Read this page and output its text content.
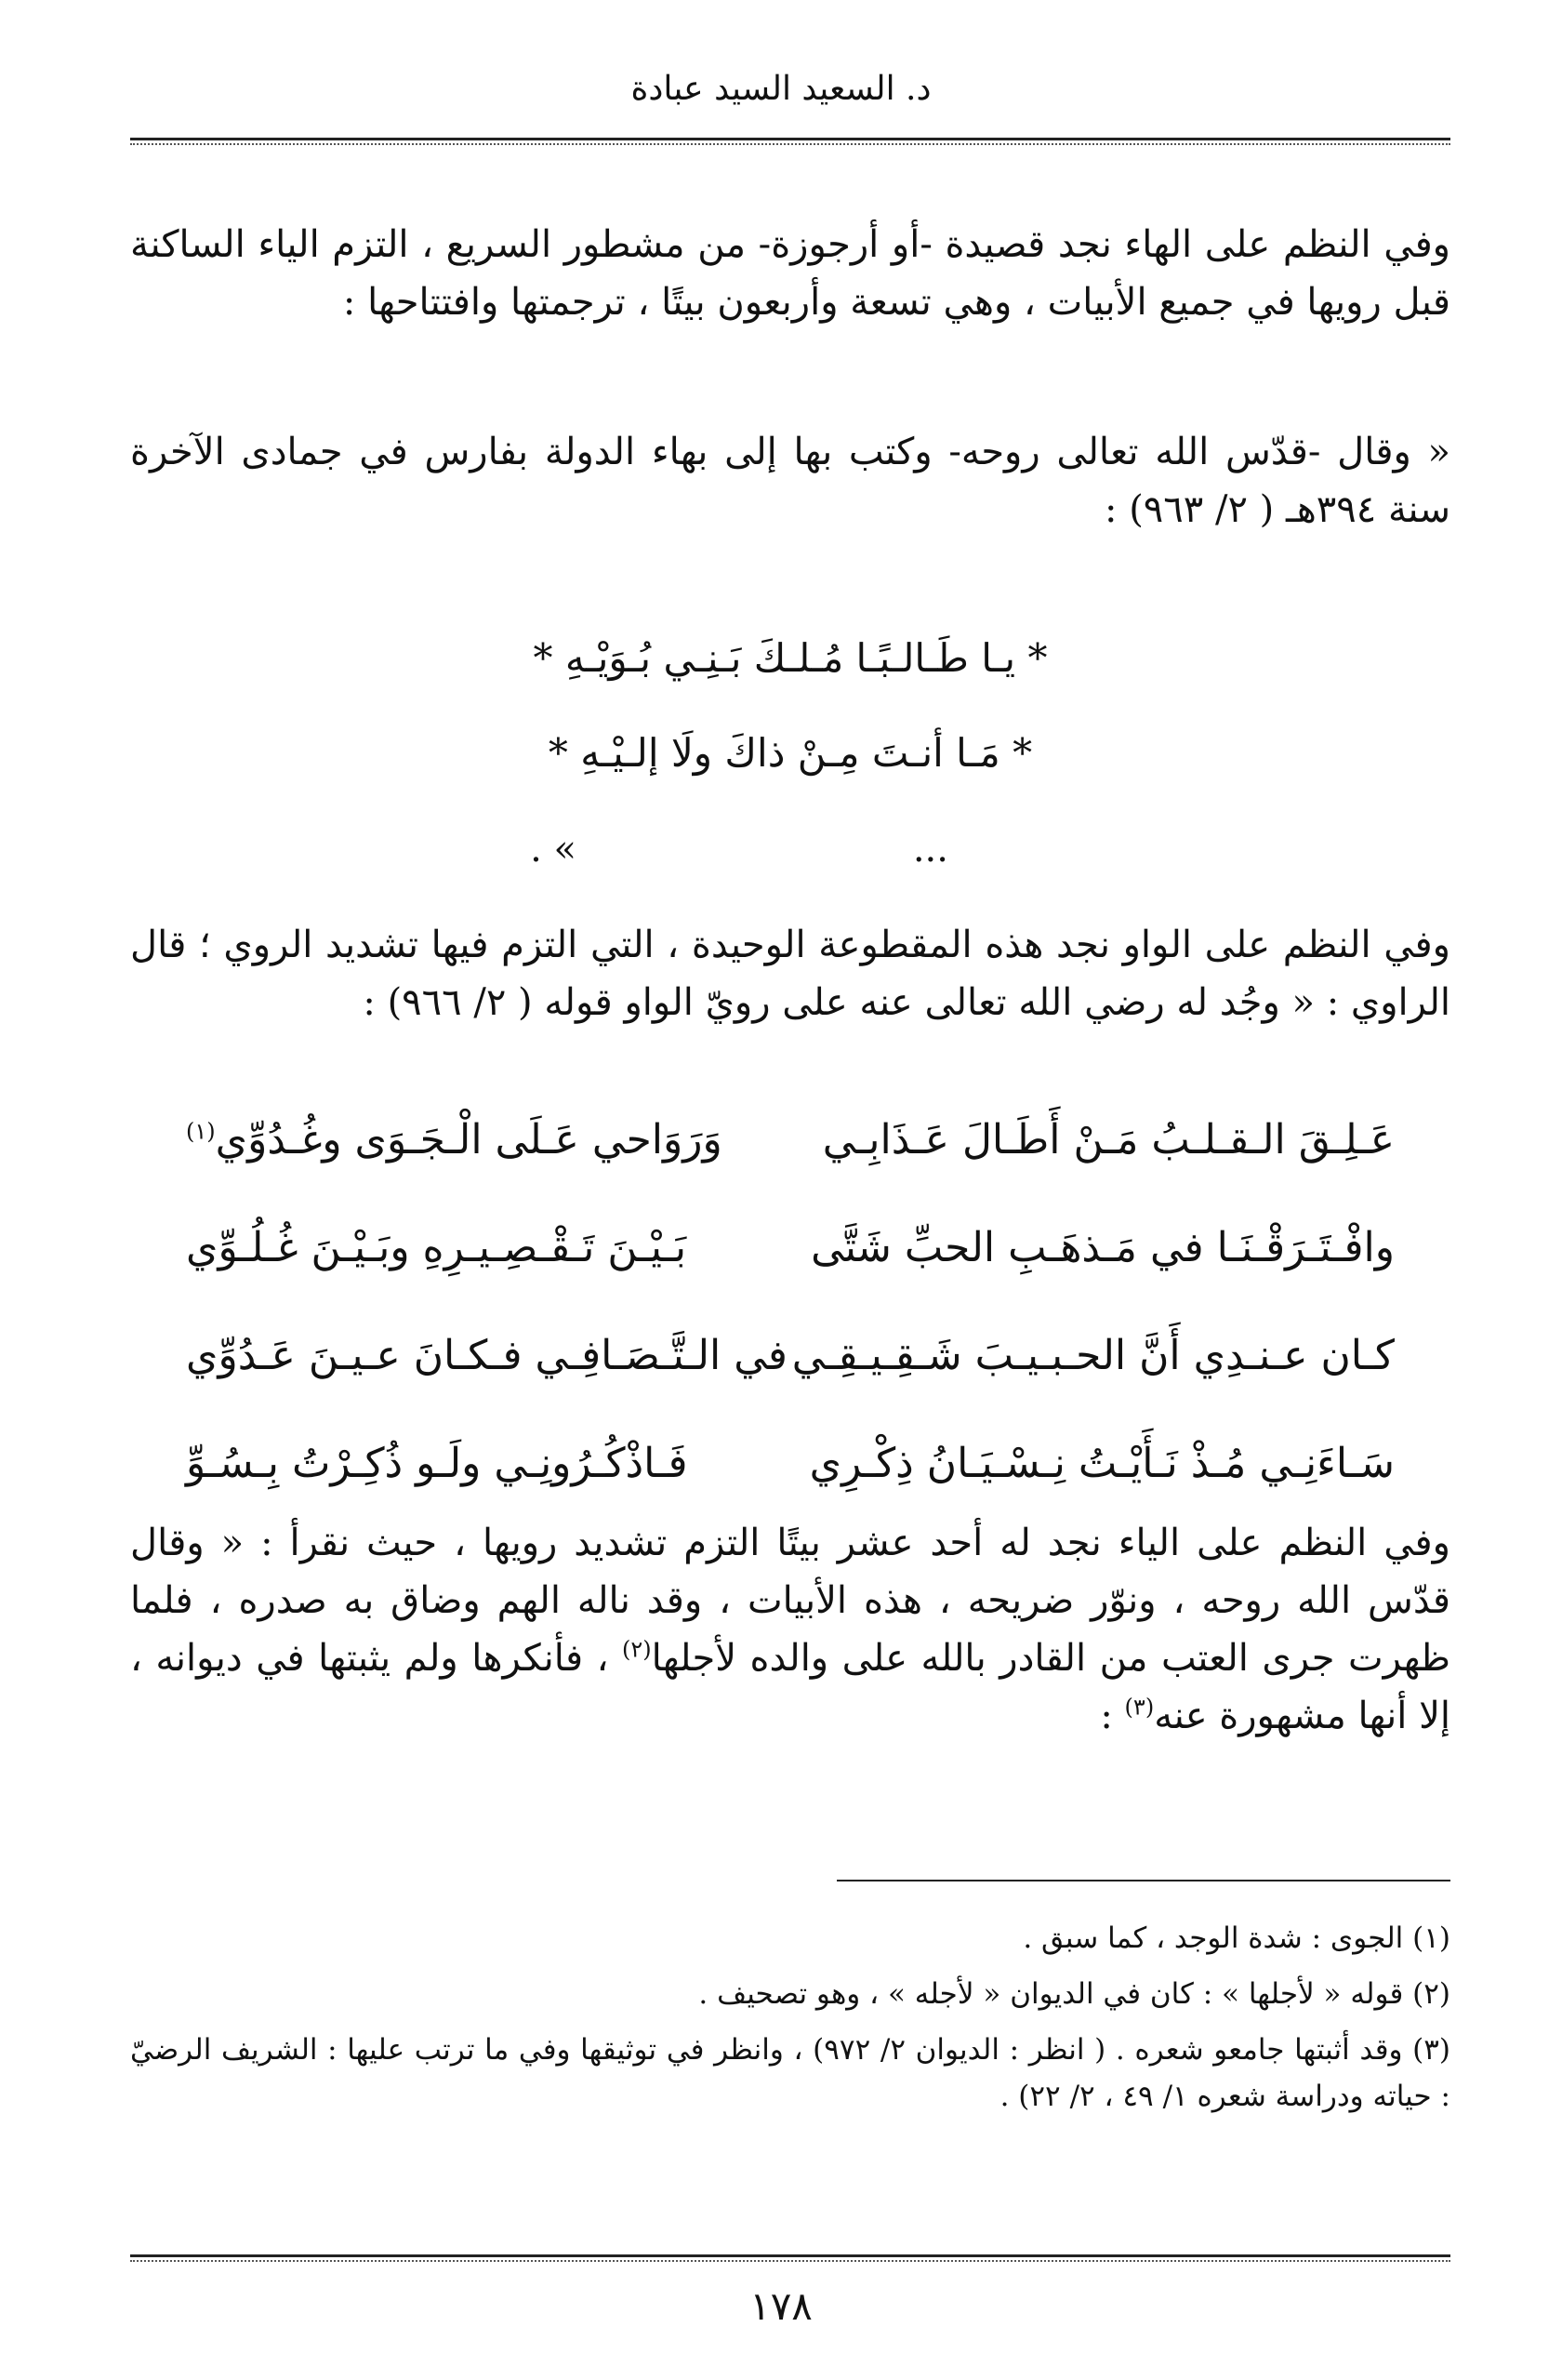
د. السعيد السيد عبادة
وفي النظم على الهاء نجد قصيدة -أو أرجوزة- من مشطور السريع ، التزم الياء الساكنة قبل رويها في جميع الأبيات ، وهي تسعة وأربعون بيتًا ، ترجمتها وافتتاحها :
« وقال -قدّس الله تعالى روحه- وكتب بها إلى بهاء الدولة بفارس في جمادى الآخرة سنة ٣٩٤هـ ( ٢/ ٩٦٣) :
* يـا طَـالـبًـا مُـلـكَ بَـنِـي بُـوَيْـهِ *
* مَـا أنـتَ مِـنْ ذاكَ ولَا إلـيْـهِ *
...
» .
وفي النظم على الواو نجد هذه المقطوعة الوحيدة ، التي التزم فيها تشديد الروي ؛ قال الراوي : « وجُد له رضي الله تعالى عنه على رويّ الواو قوله ( ٢/ ٩٦٦) :
عَـلِـقَ الـقـلـبُ مَـنْ أَطَـالَ عَـذَابِـي
وَرَوَاحي عَـلَى الْـجَـوَى وغُـدُوِّي$^{(١)}$
وافْـتَـرَقْـنَـا في مَـذهَـبِ الحبِّ شَتَّى
بَـيْـنَ تَـقْـصِـيـرِهِ وبَـيْـنَ غُـلُـوِّي
كـان عـنـدِي أَنَّ الحـبـيـبَ شَـقِـيـقِـي
في الـتَّـصَـافِـي فـكـانَ عـيـنَ عَـدُوِّي
سَـاءَنِـي مُـذْ نَـأَيْـتُ نِـسْـيَـانُ ذِكْـرِي
فَـاذْكُـرُونِـي ولَـو ذُكِـرْتُ بِـسُـوِّ
وفي النظم على الياء نجد له أحد عشر بيتًا التزم تشديد رويها ، حيث نقرأ : « وقال قدّس الله روحه ، ونوّر ضريحه ، هذه الأبيات ، وقد ناله الهم وضاق به صدره ، فلما ظهرت جرى العتب من القادر بالله على والده لأجلها$^{(٢)}$ ، فأنكرها ولم يثبتها في ديوانه ، إلا أنها مشهورة عنه$^{(٣)}$ :
(١) الجوى : شدة الوجد ، كما سبق .
(٢) قوله « لأجلها » : كان في الديوان « لأجله » ، وهو تصحيف .
(٣) وقد أثبتها جامعو شعره . ( انظر : الديوان ٢/ ٩٧٢) ، وانظر في توثيقها وفي ما ترتب عليها : الشريف الرضيّ : حياته ودراسة شعره ١/ ٤٩ ، ٢/ ٢٢) .
١٧٨
